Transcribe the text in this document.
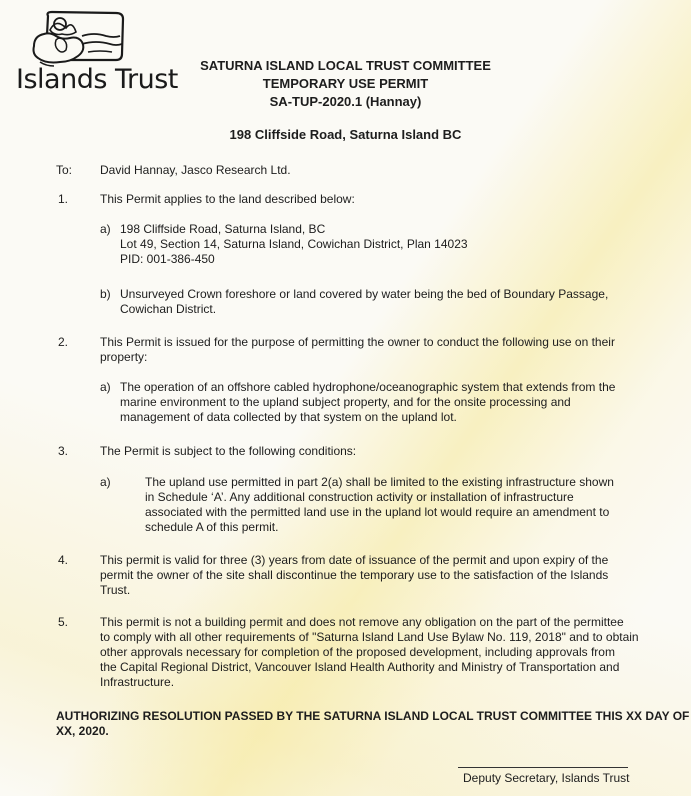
Islands Trust	SATURNA ISLAND LOCAL TRUST COMMITTEE
TEMPORARY USE PERMIT
SA-TUP-2020.1 (Hannay)
198 Cliffside Road, Saturna Island BC
To: David Hannay, Jasco Research Ltd.
1.	This Permit applies to the land described below:
a) 198 Cliffside Road, Saturna Island, BC
Lot 49, Section 14, Saturna Island, Cowichan District, Plan 14023
PID: 001-386-450
b) Unsurveyed Crown foreshore or land covered by water being the bed of Boundary Passage,
Cowichan District.
2.	This Permit is issued for the purpose of permitting the owner to conduct the following use on their
property:
a) The operation of an offshore cabled hydrophone/oceanographic system that extends from the
marine environment to the upland subject property, and for the onsite processing and
management of data collected by that system on the upland lot.
3.	The Permit is subject to the following conditions:
a)	The upland use permitted in part 2(a) shall be limited to the existing infrastructure shown
in Schedule ‘A’. Any additional construction activity or installation of infrastructure
associated with the permitted land use in the upland lot would require an amendment to
schedule A of this permit.
4.	This permit is valid for three (3) years from date of issuance of the permit and upon expiry of the
permit the owner of the site shall discontinue the temporary use to the satisfaction of the Islands
Trust.
5.	This permit is not a building permit and does not remove any obligation on the part of the permittee
to comply with all other requirements of "Saturna Island Land Use Bylaw No. 119, 2018" and to obtain
other approvals necessary for completion of the proposed development, including approvals from
the Capital Regional District, Vancouver Island Health Authority and Ministry of Transportation and
Infrastructure.
AUTHORIZING RESOLUTION PASSED BY THE SATURNA ISLAND LOCAL TRUST COMMITTEE THIS XX DAY OF
XX, 2020.
Deputy Secretary, Islands Trust
